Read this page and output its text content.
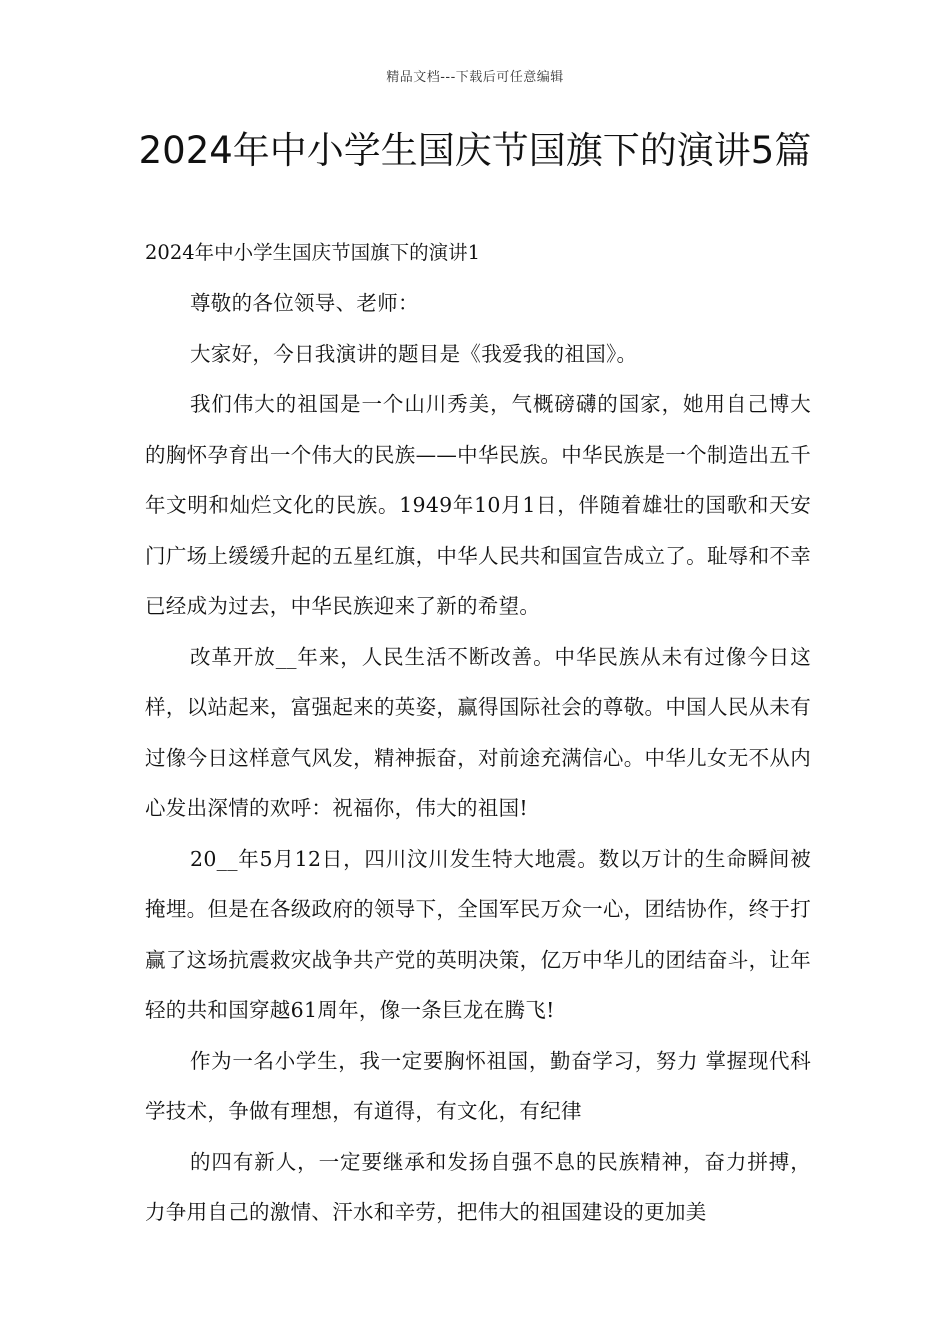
精品文档---下载后可任意编辑
2024年中小学生国庆节国旗下的演讲5篇

2024年中小学生国庆节国旗下的演讲1

尊敬的各位领导、老师：

大家好，今日我演讲的题目是《我爱我的祖国》。

我们伟大的祖国是一个山川秀美，气概磅礴的国家，她用自己博大的胸怀孕育出一个伟大的民族——中华民族。中华民族是一个制造出五千年文明和灿烂文化的民族。1949年10月1日，伴随着雄壮的国歌和天安门广场上缓缓升起的五星红旗，中华人民共和国宣告成立了。耻辱和不幸已经成为过去，中华民族迎来了新的希望。

改革开放__年来，人民生活不断改善。中华民族从未有过像今日这样，以站起来，富强起来的英姿，赢得国际社会的尊敬。中国人民从未有过像今日这样意气风发，精神振奋，对前途充满信心。中华儿女无不从内心发出深情的欢呼：祝福你，伟大的祖国!

20__年5月12日，四川汶川发生特大地震。数以万计的生命瞬间被掩埋。但是在各级政府的领导下，全国军民万众一心，团结协作，终于打赢了这场抗震救灾战争共产党的英明决策，亿万中华儿的团结奋斗，让年轻的共和国穿越61周年，像一条巨龙在腾飞!

作为一名小学生，我一定要胸怀祖国，勤奋学习，努力 掌握现代科学技术，争做有理想，有道得，有文化，有纪律

的四有新人，一定要继承和发扬自强不息的民族精神，奋力拼搏，力争用自己的激情、汗水和辛劳，把伟大的祖国建设的更加美
